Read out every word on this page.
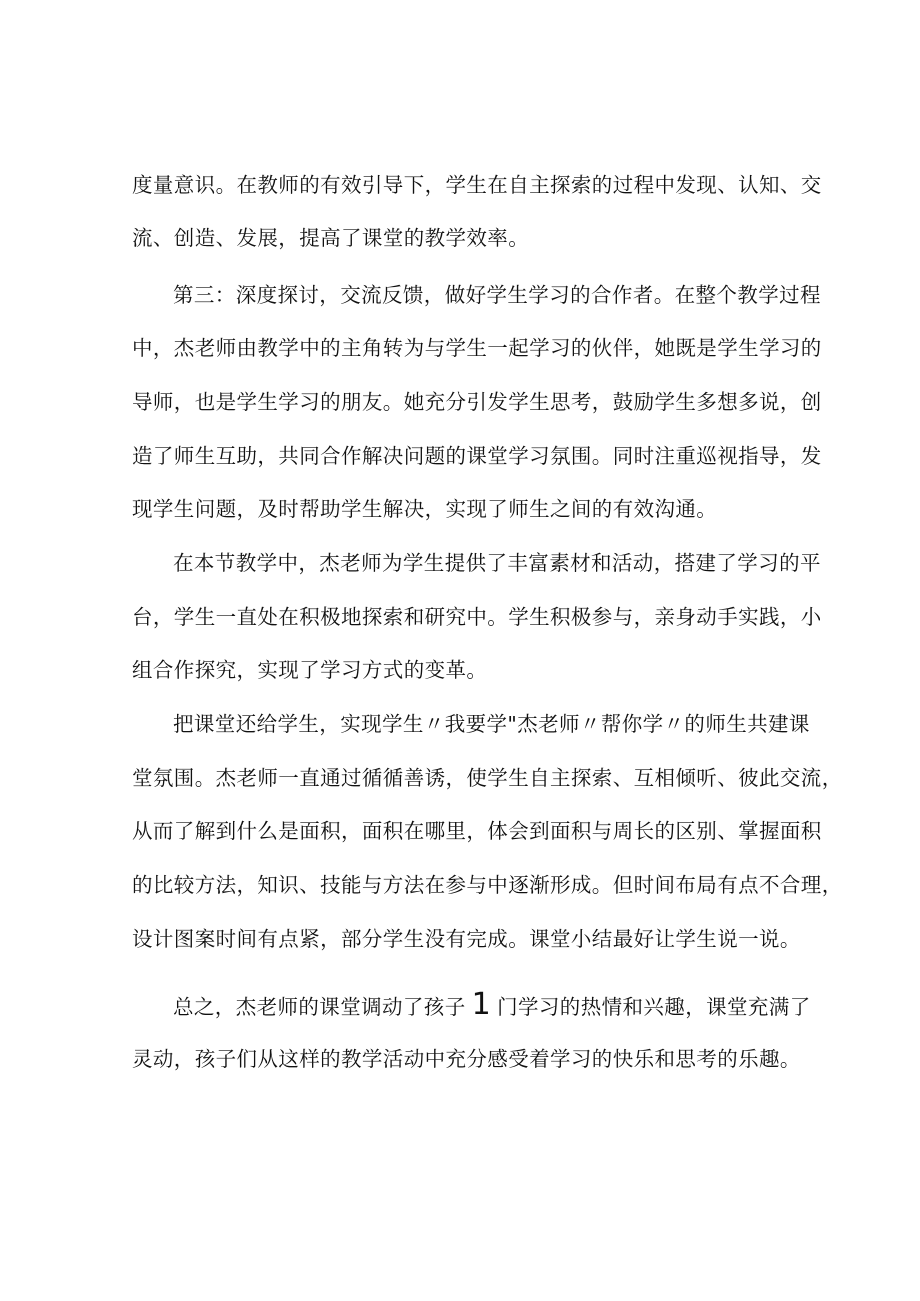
度量意识。在教师的有效引导下，学生在自主探索的过程中发现、认知、交
流、创造、发展，提高了课堂的教学效率。
第三：深度探讨，交流反馈，做好学生学习的合作者。在整个教学过程
中，杰老师由教学中的主角转为与学生一起学习的伙伴，她既是学生学习的
导师，也是学生学习的朋友。她充分引发学生思考，鼓励学生多想多说，创
造了师生互助，共同合作解决问题的课堂学习氛围。同时注重巡视指导，发
现学生问题，及时帮助学生解决，实现了师生之间的有效沟通。
在本节教学中，杰老师为学生提供了丰富素材和活动，搭建了学习的平
台，学生一直处在积极地探索和研究中。学生积极参与，亲身动手实践，小
组合作探究，实现了学习方式的变革。
把课堂还给学生，实现学生〃我要学"杰老师〃帮你学〃的师生共建课
堂氛围。杰老师一直通过循循善诱，使学生自主探索、互相倾听、彼此交流，
从而了解到什么是面积，面积在哪里，体会到面积与周长的区别、掌握面积
的比较方法，知识、技能与方法在参与中逐渐形成。但时间布局有点不合理，
设计图案时间有点紧，部分学生没有完成。课堂小结最好让学生说一说。
总之，杰老师的课堂调动了孩子 1 门学习的热情和兴趣，课堂充满了
灵动，孩子们从这样的教学活动中充分感受着学习的快乐和思考的乐趣。
